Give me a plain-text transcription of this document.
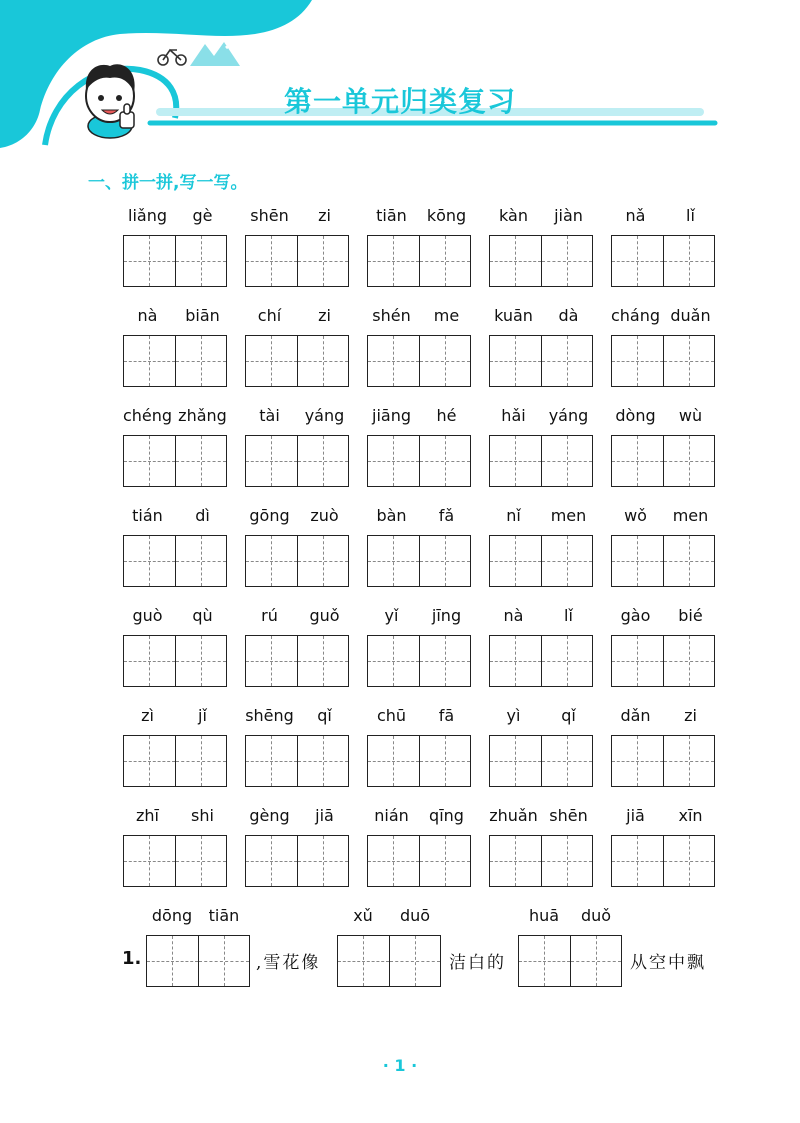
第一单元归类复习
一、拼一拼,写一写。
liǎng	gè	shēn	zi	tiān	kōng	kàn	jiàn	nǎ	lǐ
nà	biān	chí	zi	shén	me	kuān	dà	cháng duǎn
chéng zhǎng	tài	yáng	jiāng	hé	hǎi	yáng	dòng	wù
tián	dì	gōng	zuò	bàn	fǎ	nǐ	men	wǒ	men
guò	qù	rú	guǒ	yǐ	jīng	nà	lǐ	gào	bié
zì	jǐ	shēng	qǐ	chū	fā	yì	qǐ	dǎn	zi
zhī	shi	gèng	jiā	nián	qīng	zhuǎn shēn	jiā	xīn
dōng	tiān	xǔ	duō	huā	duǒ
1.	,雪花像	洁白的	从空中飘
· 1 ·
